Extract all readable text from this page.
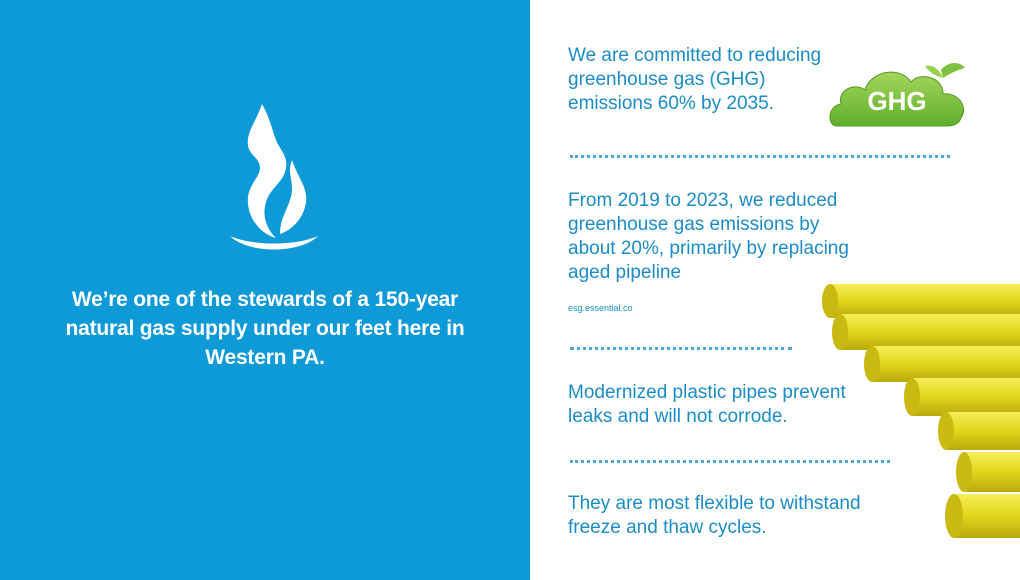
We’re one of the stewards of a 150-year natural gas supply under our feet here in Western PA.
We are committed to reducing greenhouse gas (GHG) emissions 60% by 2035.	GHG
From 2019 to 2023, we reduced greenhouse gas emissions by about 20%, primarily by replacing aged pipeline
esg.essential.co
Modernized plastic pipes prevent leaks and will not corrode.
They are most flexible to withstand freeze and thaw cycles.
